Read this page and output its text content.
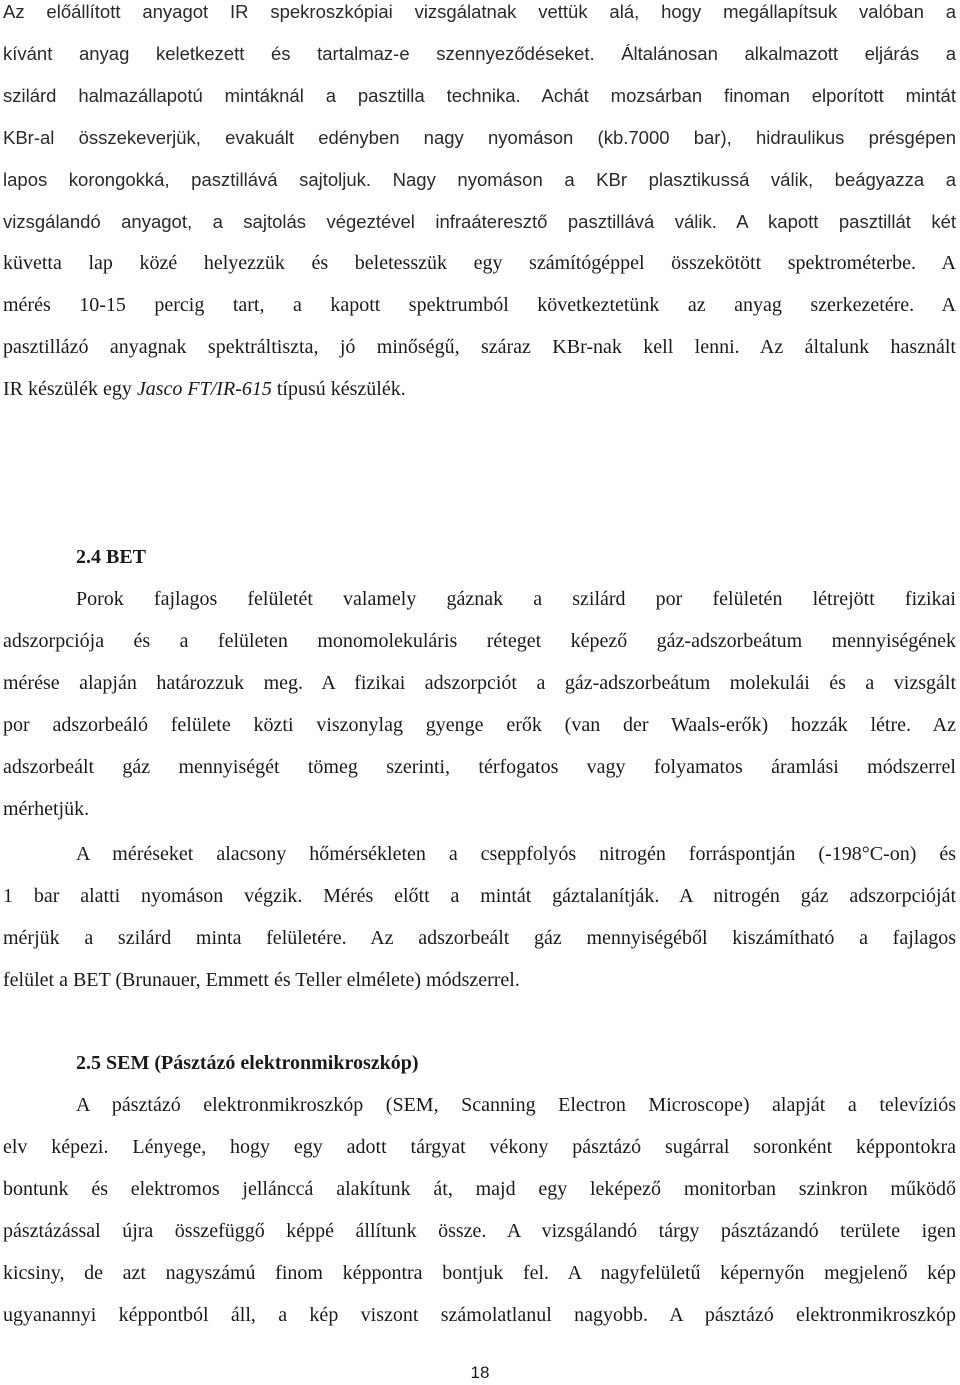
Az előállított anyagot IR spekroszkópiai vizsgálatnak vettük alá, hogy megállapítsuk valóban a
kívánt anyag keletkezett és tartalmaz-e szennyeződéseket. Általánosan alkalmazott eljárás a
szilárd halmazállapotú mintáknál a pasztilla technika. Achát mozsárban finoman elporított mintát
KBr-al összekeverjük, evakuált edényben nagy nyomáson (kb.7000 bar), hidraulikus présgépen
lapos korongokká, pasztillává sajtoljuk. Nagy nyomáson a KBr plasztikussá válik, beágyazza a
vizsgálandó anyagot, a sajtolás végeztével infraáteresztő pasztillává válik. A kapott pasztillát két
küvetta lap közé helyezzük és beletesszük egy számítógéppel összekötött spektrométerbe. A
mérés 10-15 percig tart, a kapott spektrumból következtetünk az anyag szerkezetére. A
pasztillázó anyagnak spektráltiszta, jó minőségű, száraz KBr-nak kell lenni. Az általunk használt
IR készülék egy Jasco FT/IR-615 típusú készülék.
2.4 BET
Porok fajlagos felületét valamely gáznak a szilárd por felületén létrejött fizikai
adszorpciója és a felületen monomolekuláris réteget képező gáz-adszorbeátum mennyiségének
mérése alapján határozzuk meg. A fizikai adszorpciót a gáz-adszorbeátum molekulái és a vizsgált
por adszorbeáló felülete közti viszonylag gyenge erők (van der Waals-erők) hozzák létre. Az
adszorbeált gáz mennyiségét tömeg szerinti, térfogatos vagy folyamatos áramlási módszerrel
mérhetjük.
A méréseket alacsony hőmérsékleten a cseppfolyós nitrogén forráspontján (-198°C-on) és
1 bar alatti nyomáson végzik. Mérés előtt a mintát gáztalanítják. A nitrogén gáz adszorpcióját
mérjük a szilárd minta felületére. Az adszorbeált gáz mennyiségéből kiszámítható a fajlagos
felület a BET (Brunauer, Emmett és Teller elmélete) módszerrel.
2.5 SEM (Pásztázó elektronmikroszkóp)
A pásztázó elektronmikroszkóp (SEM, Scanning Electron Microscope) alapját a televíziós
elv képezi. Lényege, hogy egy adott tárgyat vékony pásztázó sugárral soronként képpontokra
bontunk és elektromos jellánccá alakítunk át, majd egy leképező monitorban szinkron működő
pásztázással újra összefüggő képpé állítunk össze. A vizsgálandó tárgy pásztázandó területe igen
kicsiny, de azt nagyszámú finom képpontra bontjuk fel. A nagyfelületű képernyőn megjelenő kép
ugyanannyi képpontból áll, a kép viszont számolatlanul nagyobb. A pásztázó elektronmikroszkóp
18
